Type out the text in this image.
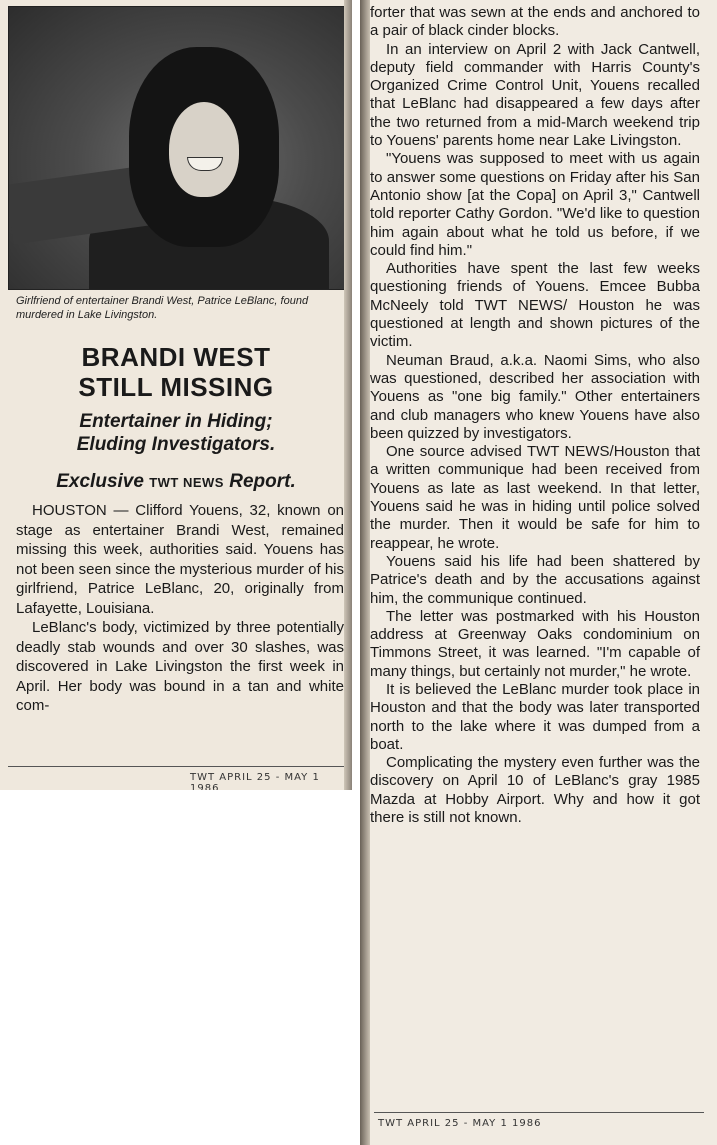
Girlfriend of entertainer Brandi West, Patrice LeBlanc, found murdered in Lake Livingston.
BRANDI WEST
STILL MISSING
Entertainer in Hiding;
Eluding Investigators.
Exclusive TWT NEWS Report.

HOUSTON — Clifford Youens, 32, known on stage as entertainer Brandi West, remained missing this week, authorities said. Youens has not been seen since the mysterious murder of his girlfriend, Patrice LeBlanc, 20, originally from Lafayette, Louisiana.

LeBlanc's body, victimized by three potentially deadly stab wounds and over 30 slashes, was discovered in Lake Livingston the first week in April. Her body was bound in a tan and white com-

TWT APRIL 25 - MAY 1 1986

forter that was sewn at the ends and anchored to a pair of black cinder blocks.

In an interview on April 2 with Jack Cantwell, deputy field commander with Harris County's Organized Crime Control Unit, Youens recalled that LeBlanc had disappeared a few days after the two returned from a mid-March weekend trip to Youens' parents home near Lake Livingston.

"Youens was supposed to meet with us again to answer some questions on Friday after his San Antonio show [at the Copa] on April 3," Cantwell told reporter Cathy Gordon. "We'd like to question him again about what he told us before, if we could find him."

Authorities have spent the last few weeks questioning friends of Youens. Emcee Bubba McNeely told TWT NEWS/ Houston he was questioned at length and shown pictures of the victim.

Neuman Braud, a.k.a. Naomi Sims, who also was questioned, described her association with Youens as "one big family." Other entertainers and club managers who knew Youens have also been quizzed by investigators.

One source advised TWT NEWS/Houston that a written communique had been received from Youens as late as last weekend. In that letter, Youens said he was in hiding until police solved the murder. Then it would be safe for him to reappear, he wrote.

Youens said his life had been shattered by Patrice's death and by the accusations against him, the communique continued.

The letter was postmarked with his Houston address at Greenway Oaks condominium on Timmons Street, it was learned. "I'm capable of many things, but certainly not murder," he wrote.

It is believed the LeBlanc murder took place in Houston and that the body was later transported north to the lake where it was dumped from a boat.

Complicating the mystery even further was the discovery on April 10 of LeBlanc's gray 1985 Mazda at Hobby Airport. Why and how it got there is still not known.

TWT APRIL 25 - MAY 1 1986
